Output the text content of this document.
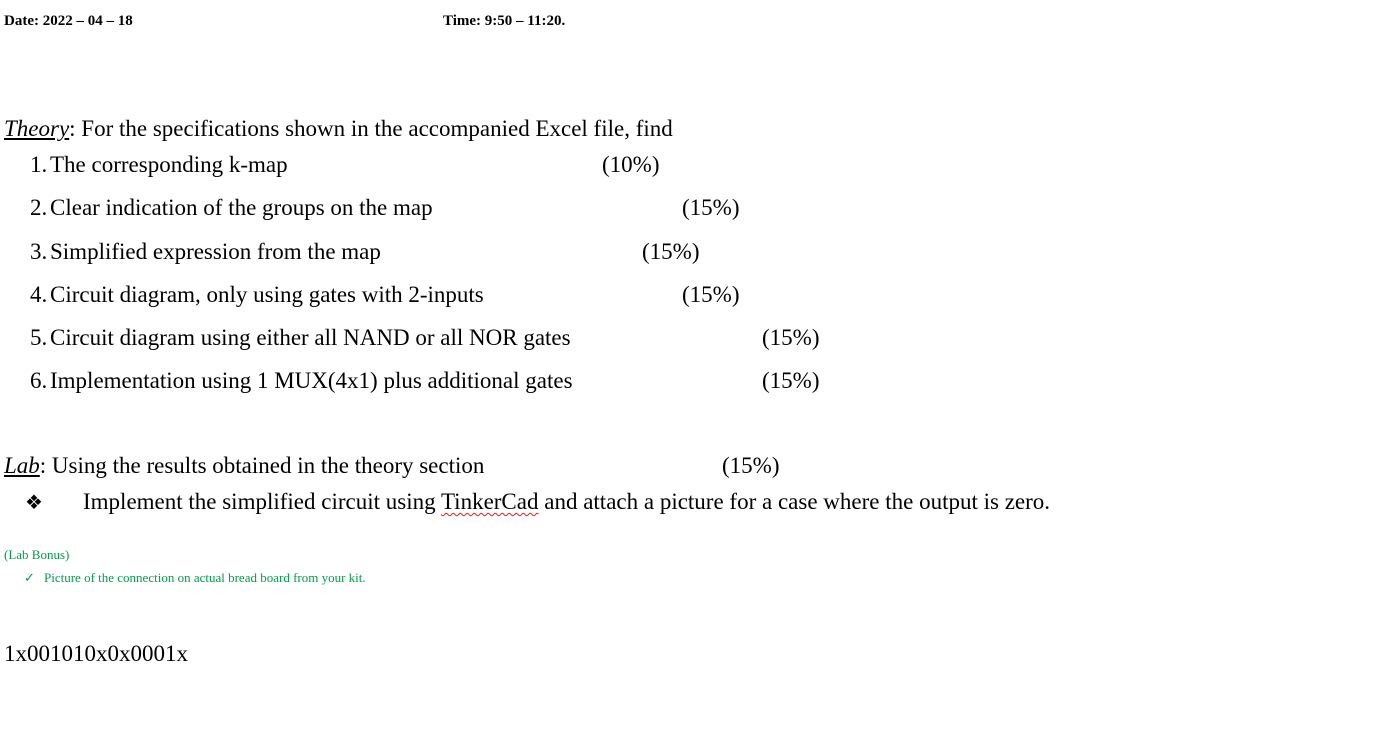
Date: 2022 – 04 – 18	Time: 9:50 – 11:20.
Theory: For the specifications shown in the accompanied Excel file, find
1. The corresponding k-map	(10%)
2. Clear indication of the groups on the map	(15%)
3. Simplified expression from the map	(15%)
4. Circuit diagram, only using gates with 2-inputs	(15%)
5. Circuit diagram using either all NAND or all NOR gates	(15%)
6. Implementation using 1 MUX(4x1) plus additional gates	(15%)
Lab: Using the results obtained in the theory section	(15%)
❖ Implement the simplified circuit using TinkerCad and attach a picture for a case where the output is zero.
(Lab Bonus)
✓ Picture of the connection on actual bread board from your kit.
1x001010x0x0001x
